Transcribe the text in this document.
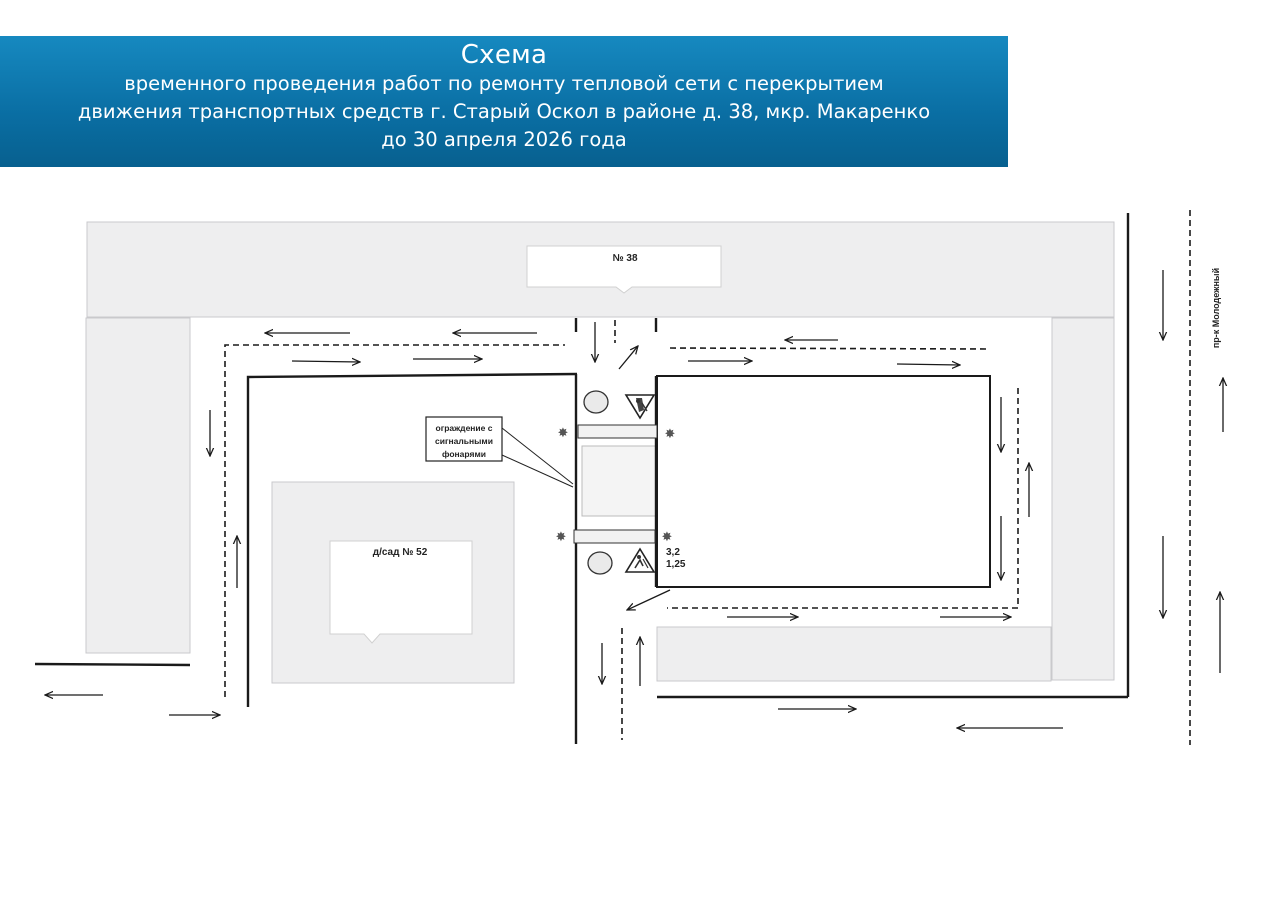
Схема
временного проведения работ по ремонту тепловой сети с перекрытием
движения транспортных средств г. Старый Оскол в районе д. 38, мкр. Макаренко
до 30 апреля 2026 года
№ 38
д/сад № 52
✸	✸
✸	✸
3,2
1,25
ограждение с
сигнальными
фонарями
пр-к Молодежный
